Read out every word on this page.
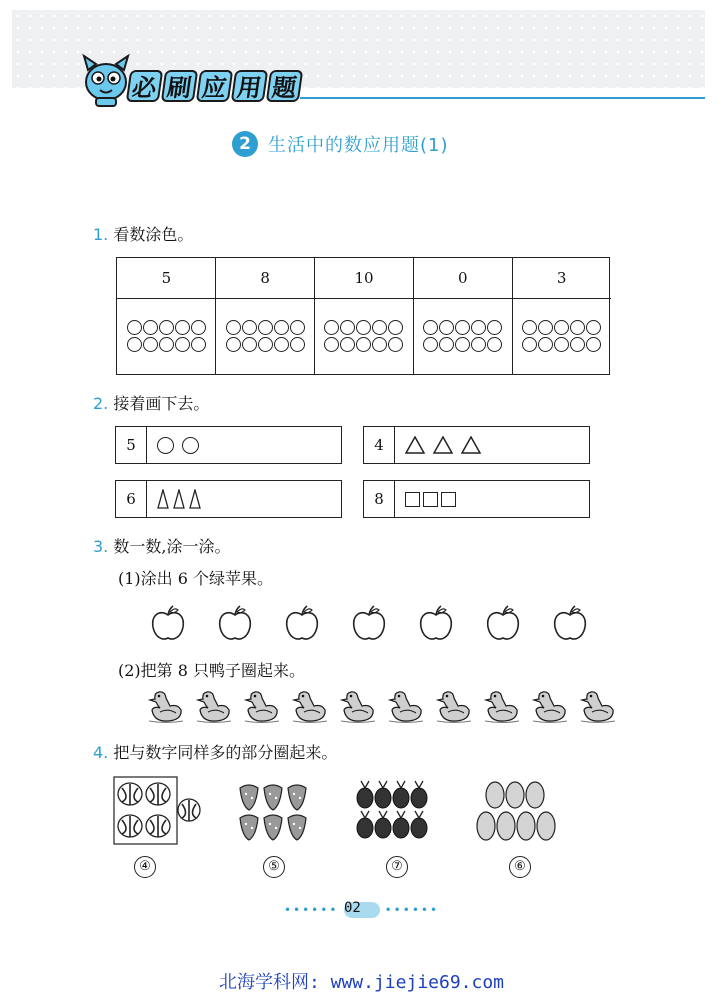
必 刷 应 用 题
2 生活中的数应用题(1)
1. 看数涂色。
5	8	10	0	3
2. 接着画下去。
5	4
6	8
3. 数一数,涂一涂。
(1)涂出 6 个绿苹果。
(2)把第 8 只鸭子圈起来。
4. 把与数字同样多的部分圈起来。
④	⑤	⑦	⑥
••••••	••••••
02
北海学科网: www.jiejie69.com
